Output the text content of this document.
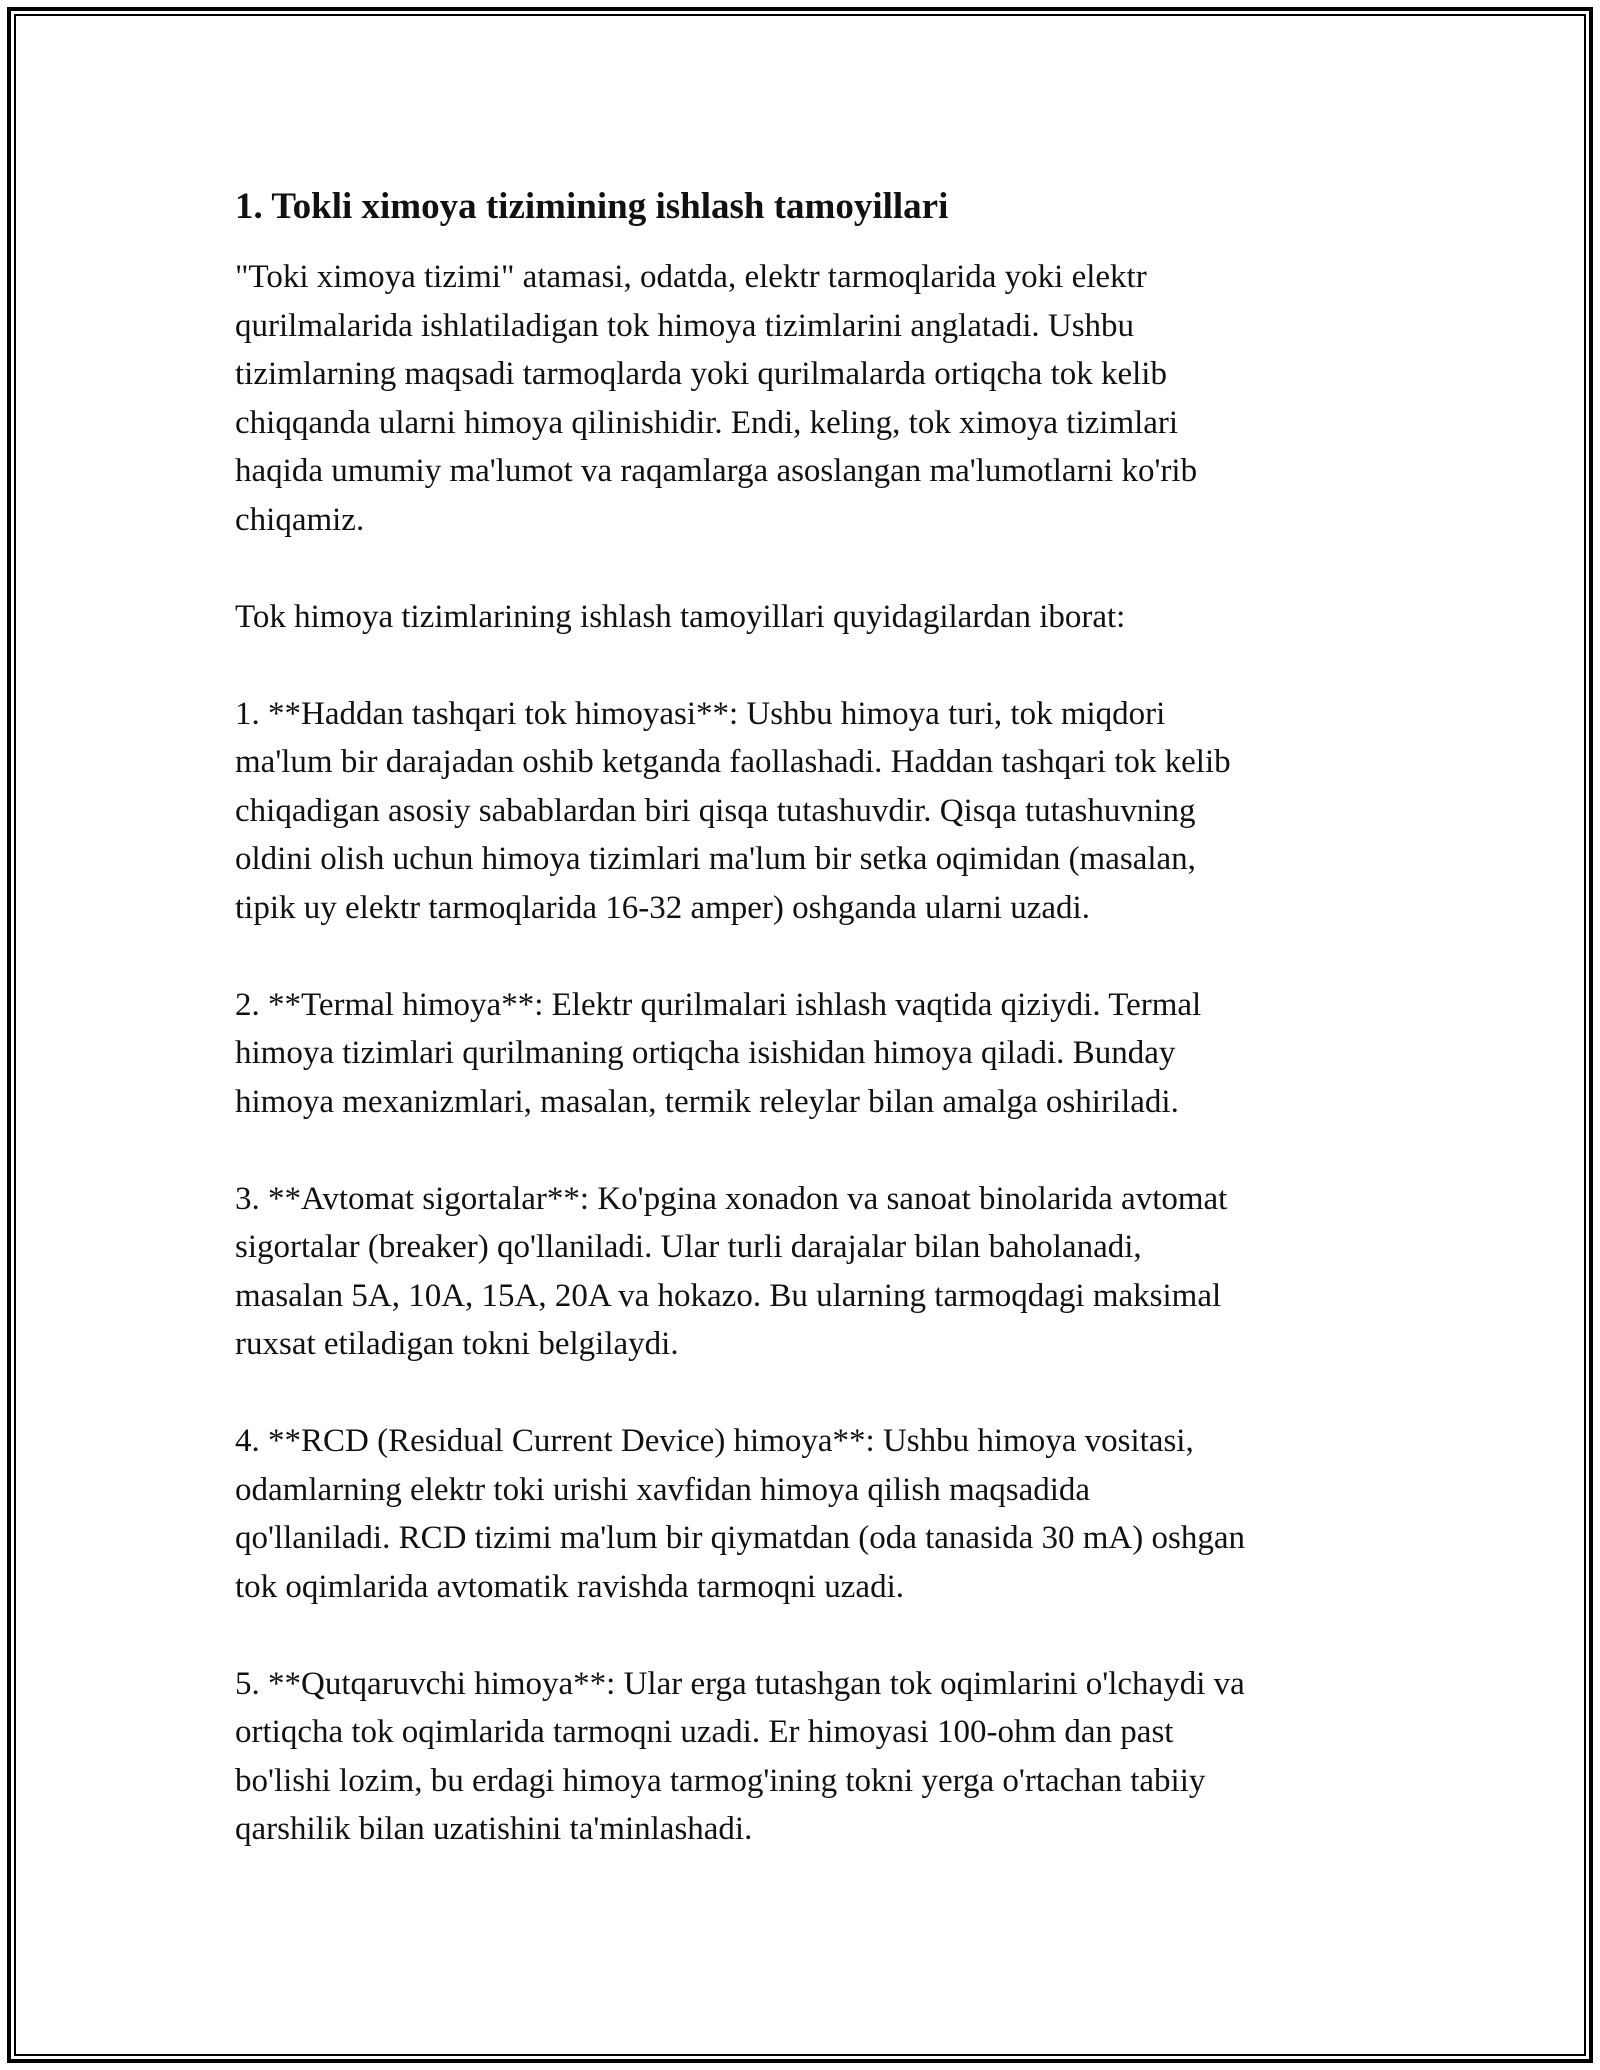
1. Tokli ximoya tizimining ishlash tamoyillari
"Toki ximoya tizimi" atamasi, odatda, elektr tarmoqlarida yoki elektr
qurilmalarida ishlatiladigan tok himoya tizimlarini anglatadi. Ushbu
tizimlarning maqsadi tarmoqlarda yoki qurilmalarda ortiqcha tok kelib
chiqqanda ularni himoya qilinishidir. Endi, keling, tok ximoya tizimlari
haqida umumiy ma'lumot va raqamlarga asoslangan ma'lumotlarni ko'rib
chiqamiz.
Tok himoya tizimlarining ishlash tamoyillari quyidagilardan iborat:
1. **Haddan tashqari tok himoyasi**: Ushbu himoya turi, tok miqdori
ma'lum bir darajadan oshib ketganda faollashadi. Haddan tashqari tok kelib
chiqadigan asosiy sabablardan biri qisqa tutashuvdir. Qisqa tutashuvning
oldini olish uchun himoya tizimlari ma'lum bir setka oqimidan (masalan,
tipik uy elektr tarmoqlarida 16-32 amper) oshganda ularni uzadi.
2. **Termal himoya**: Elektr qurilmalari ishlash vaqtida qiziydi. Termal
himoya tizimlari qurilmaning ortiqcha isishidan himoya qiladi. Bunday
himoya mexanizmlari, masalan, termik releylar bilan amalga oshiriladi.
3. **Avtomat sigortalar**: Ko'pgina xonadon va sanoat binolarida avtomat
sigortalar (breaker) qo'llaniladi. Ular turli darajalar bilan baholanadi,
masalan 5A, 10A, 15A, 20A va hokazo. Bu ularning tarmoqdagi maksimal
ruxsat etiladigan tokni belgilaydi.
4. **RCD (Residual Current Device) himoya**: Ushbu himoya vositasi,
odamlarning elektr toki urishi xavfidan himoya qilish maqsadida
qo'llaniladi. RCD tizimi ma'lum bir qiymatdan (oda tanasida 30 mA) oshgan
tok oqimlarida avtomatik ravishda tarmoqni uzadi.
5. **Qutqaruvchi himoya**: Ular erga tutashgan tok oqimlarini o'lchaydi va
ortiqcha tok oqimlarida tarmoqni uzadi. Er himoyasi 100-ohm dan past
bo'lishi lozim, bu erdagi himoya tarmog'ining tokni yerga o'rtachan tabiiy
qarshilik bilan uzatishini ta'minlashadi.
